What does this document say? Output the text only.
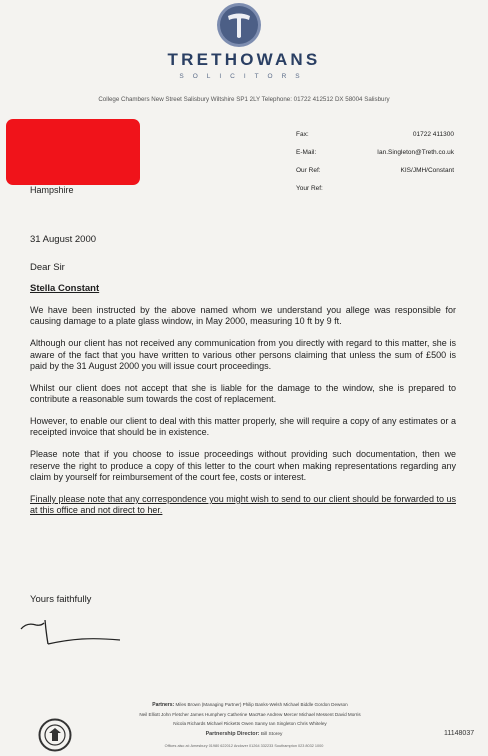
TRETHOWANS
SOLICITORS
College Chambers New Street Salisbury Wiltshire SP1 2LY Telephone: 01722 412512 DX 58004 Salisbury
Hampshire
Fax:	01722 411300
E-Mail:	Ian.Singleton@Treth.co.uk
Our Ref:	KIS/JMH/Constant
Your Ref:
31 August 2000
Dear Sir
Stella Constant

We have been instructed by the above named whom we understand you allege was responsible for causing damage to a plate glass window, in May 2000, measuring 10 ft by 9 ft.

Although our client has not received any communication from you directly with regard to this matter, she is aware of the fact that you have written to various other persons claiming that unless the sum of £500 is paid by the 31 August 2000 you will issue court proceedings.

Whilst our client does not accept that she is liable for the damage to the window, she is prepared to contribute a reasonable sum towards the cost of replacement.

However, to enable our client to deal with this matter properly, she will require a copy of any estimates or a receipted invoice that should be in existence.

Please note that if you choose to issue proceedings without providing such documentation, then we reserve the right to produce a copy of this letter to the court when making representations regarding any claim by yourself for reimbursement of the court fee, costs or interest.

Finally please note that any correspondence you might wish to send to our client should be forwarded to us at this office and not direct to her.

Yours faithfully
Partners: Miles Brown (Managing Partner) Philip Banks-Welsh Michael Biddle Gordon Dewson
Neil Elliott John Fletcher James Humphery Catherine MacRae Andrew Mercer Michael Messent David Morris
Nicola Richards Michael Ricketts Owen Sanny Ian Singleton Chris Whiteley
Partnership Director: Bill Storey
Offices also at: Amesbury 01980 622012 Andover 01264 332233 Southampton 023 8032 1000
11148037
